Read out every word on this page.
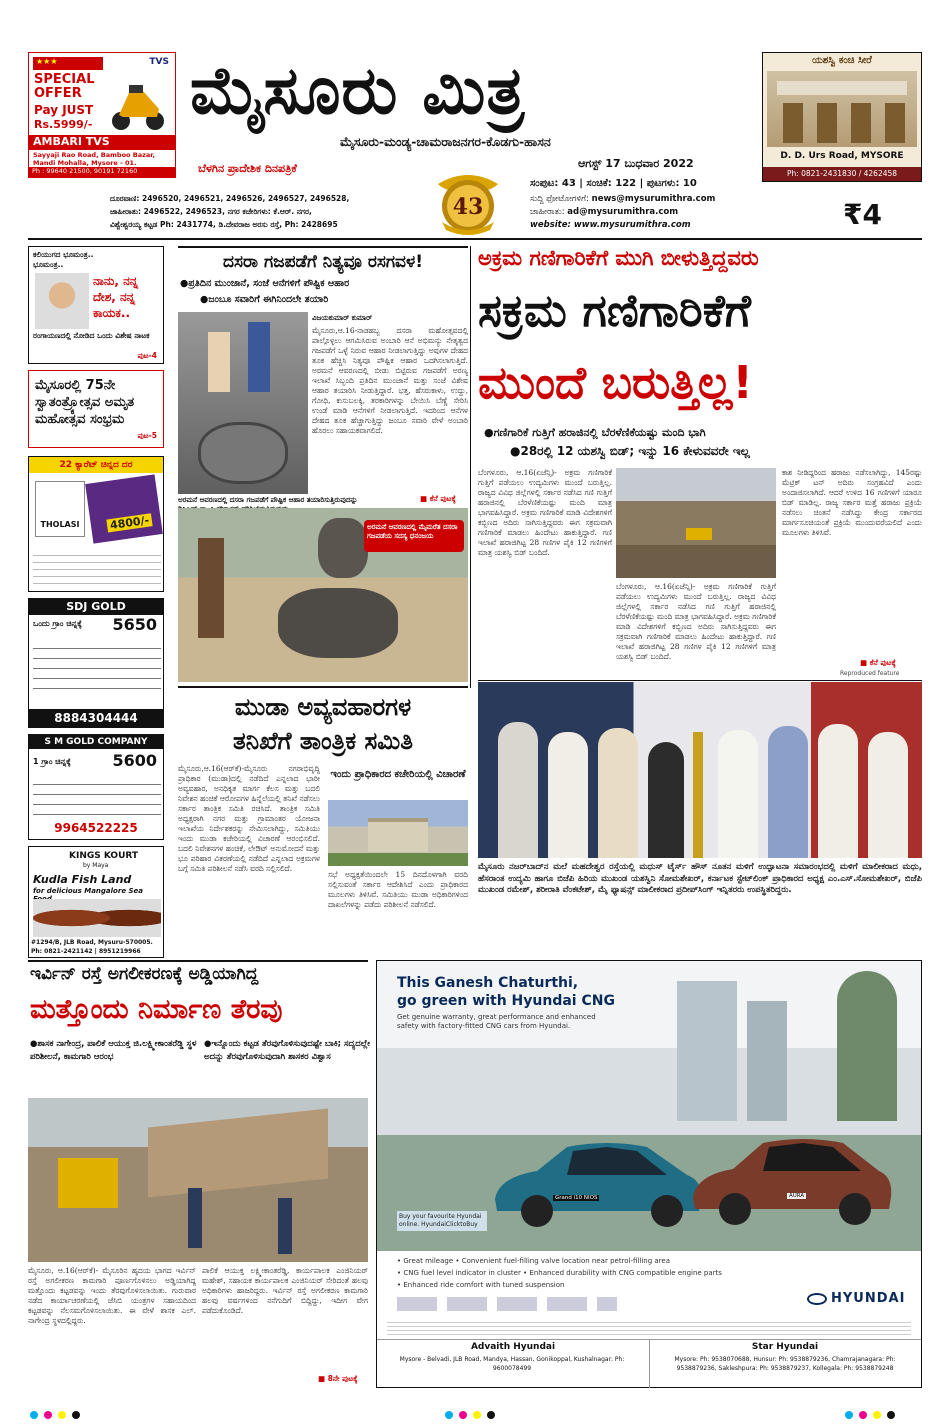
★★★	TVS
SPECIAL OFFER
Pay JUST
Rs.5999/-
AMBARI TVS
Sayyaji Rao Road, Bamboo Bazar, Mandi Mohalla, Mysore - 01.
Ph : 99640 21500, 90191 72160
ಮೈಸೂರು ಮಿತ್ರ
ಮೈಸೂರು-ಮಂಡ್ಯ-ಚಾಮರಾಜನಗರ-ಕೊಡಗು-ಹಾಸನ
ಬೆಳಗಿನ ಪ್ರಾದೇಶಿಕ ದಿನಪತ್ರಿಕೆ	ಆಗಸ್ಟ್ 17 ಬುಧವಾರ 2022
43
ಸಂಪುಟ: 43 | ಸಂಚಿಕೆ: 122 | ಪುಟಗಳು: 10
ಸುದ್ದಿ ಫೋಟೋಗಳಿಗೆ: news@mysurumithra.com
ಜಾಹೀರಾತು: ad@mysurumithra.com
website: www.mysurumithra.com	₹4
ದೂರವಾಣಿ: 2496520, 2496521, 2496526, 2496527, 2496528,
ಜಾಹೀರಾತು: 2496522, 2496523, ನಗರ ಕಚೇರಿಗಳು: ಕೆ.ಆರ್. ನಗರ,
ವಿಶ್ವೇಶ್ವರಯ್ಯ ಕಟ್ಟಡ Ph: 2431774, ಡಿ.ದೇವರಾಜ ಅರಸು ರಸ್ತೆ, Ph: 2428695
ಯಶಸ್ವಿ ಕಂಚಿ ಸೀರೆ
D. D. Urs Road, MYSORE
Ph: 0821-2431830 / 4262458
ಕಲಿಯುಗದ ಭೂಮಂತ್ರ.. ಭೂಮಂತ್ರ..
ನಾನು, ನನ್ನ ದೇಶ, ನನ್ನ ಕಾಯಕ..
ರಂಗಾಯಣದಲ್ಲಿ ನೋಡಿದ ಒಂದು ವಿಶೇಷ ನಾಟಕ
ಪುಟ-4
ಮೈಸೂರಲ್ಲಿ 75ನೇ ಸ್ವಾತಂತ್ರ್ಯೋತ್ಸವ ಅಮೃತ ಮಹೋತ್ಸವ ಸಂಭ್ರಮ
ಪುಟ-5
22 ಕ್ಯಾರೆಟ್ ಚಿನ್ನದ ದರ
THOLASI	4800/-
SDJ GOLD
ಒಂದು ಗ್ರಾಂ ಚಿನ್ನಕ್ಕೆ 5650
8884304444
S M GOLD COMPANY
1 ಗ್ರಾಂ ಚಿನ್ನಕ್ಕೆ	5600
9964522225
KINGS KOURT
by Maya
Kudla Fish Land
for delicious Mangalore Sea
#1294/B, JLB Road, Mysuru-570005.
Ph: 0821-2421142 | 8951219966
ದಸರಾ ಗಜಪಡೆಗೆ ನಿತ್ಯವೂ ರಸಗವಳ!
●ಪ್ರತಿದಿನ ಮುಂಜಾನೆ, ಸಂಜೆ ಆನೆಗಳಿಗೆ ಪೌಷ್ಟಿಕ ಆಹಾರ
●ಜಂಬೂ ಸವಾರಿಗೆ ಈಗಿನಿಂದಲೇ ತಯಾರಿ
ವಿಜಯಕುಮಾರ್ ಕುಮಾರ್
ಮೈಸೂರು,ಆ.16-ನಾಡಹಬ್ಬ ದಸರಾ ಮಹೋತ್ಸವದಲ್ಲಿ ಪಾಲ್ಗೊಳ್ಳಲು ಆಗಮಿಸಿರುವ ಅಂಬಾರಿ ಆನೆ ಅಭಿಮನ್ಯು ನೇತೃತ್ವದ ಗಜಪಡೆಗೆ ಒಳ್ಳೆ ನಿರುವ ಆಹಾರ ನೀಡಲಾಗುತ್ತಿದ್ದು ಅವುಗಳ ದೇಹದ ತೂಕ ಹೆಚ್ಚಿಸಿ ನಿತ್ಯವೂ ಪೌಷ್ಟಿಕ ಆಹಾರ ಒದಗಿಸಲಾಗುತ್ತಿದೆ. ಅರಮನೆ ಆವರಣದಲ್ಲಿ ಬೀಡು ಬಿಟ್ಟಿರುವ ಗಜಪಡೆಗೆ ಅರಣ್ಯ ಇಲಾಖೆ ಸಿಬ್ಬಂದಿ ಪ್ರತಿದಿನ ಮುಂಜಾನೆ ಮತ್ತು ಸಂಜೆ ವಿಶೇಷ ಆಹಾರ ತಯಾರಿಸಿ ನೀಡುತ್ತಿದ್ದಾರೆ. ಭತ್ತ, ಹೆಸರುಕಾಳು, ಉದ್ದು, ಗೋಧಿ, ಕುಸುಬಲಕ್ಕಿ, ತರಕಾರಿಗಳನ್ನು ಬೇಯಿಸಿ ಬೆಣ್ಣೆ ಸೇರಿಸಿ ಉಂಡೆ ಮಾಡಿ ಆನೆಗಳಿಗೆ ನೀಡಲಾಗುತ್ತಿದೆ. ಇದರಿಂದ ಆನೆಗಳ ದೇಹದ ತೂಕ ಹೆಚ್ಚಾಗುತ್ತಿದ್ದು ಜಂಬೂ ಸವಾರಿ ವೇಳೆ ಅಂಬಾರಿ ಹೊರಲು ಸಹಾಯಕವಾಗಲಿದೆ.
ಅರಮನೆ ಆವರಣದಲ್ಲಿ ದಸರಾ ಗಜಪಡೆಗೆ ಪೌಷ್ಟಿಕ ಆಹಾರ ತಯಾರಿಸುತ್ತಿರುವುದನ್ನು	■ ಕೆನೆ ಪುಟಕ್ಕೆ
ಅರಮನೆ ಆವರಣದಲ್ಲಿ ಮೈಮರೆತ ದಸರಾ ಗಜಪಡೆಯ ಸದಸ್ಯ ಧನಂಜಯ
ಅಕ್ರಮ ಗಣಿಗಾರಿಕೆಗೆ ಮುಗಿ ಬೀಳುತ್ತಿದ್ದವರು
ಸಕ್ರಮ ಗಣಿಗಾರಿಕೆಗೆ
ಮುಂದೆ ಬರುತ್ತಿಲ್ಲ!
●ಗಣಿಗಾರಿಕೆ ಗುತ್ತಿಗೆ ಹರಾಜಿನಲ್ಲಿ ಬೆರಳೆಣಿಕೆಯಷ್ಟು ಮಂದಿ ಭಾಗಿ
●28ರಲ್ಲಿ 12 ಯಶಸ್ವಿ ಬಿಡ್; ಇನ್ನು 16 ಕೇಳುವವರೇ ಇಲ್ಲ
ಬೆಂಗಳೂರು, ಆ.16(ಏಜೆನ್ಸಿ)- ಅಕ್ರಮ ಗಣಿಗಾರಿಕೆ ಗುತ್ತಿಗೆ ಪಡೆಯಲು ಉದ್ಯಮಿಗಳು ಮುಂದೆ ಬರುತ್ತಿಲ್ಲ. ರಾಜ್ಯದ ವಿವಿಧ ಜಿಲ್ಲೆಗಳಲ್ಲಿ ಸರ್ಕಾರ ನಡೆಸಿದ ಗಣಿ ಗುತ್ತಿಗೆ ಹರಾಜಿನಲ್ಲಿ ಬೆರಳೆಣಿಕೆಯಷ್ಟು ಮಂದಿ ಮಾತ್ರ ಭಾಗವಹಿಸಿದ್ದಾರೆ. ಅಕ್ರಮ ಗಣಿಗಾರಿಕೆ ಮಾಡಿ ವಿದೇಶಗಳಿಗೆ ಕಬ್ಬಿಣದ ಅದಿರು ಸಾಗಿಸುತ್ತಿದ್ದವರು ಈಗ ಸಕ್ರಮವಾಗಿ ಗಣಿಗಾರಿಕೆ ಮಾಡಲು ಹಿಂದೇಟು ಹಾಕುತ್ತಿದ್ದಾರೆ. ಗಣಿ ಇಲಾಖೆ ಹರಾಜಿಗಿಟ್ಟ 28 ಗಣಿಗಳ ಪೈಕಿ 12 ಗಣಿಗಳಿಗೆ ಮಾತ್ರ ಯಶಸ್ವಿ ಬಿಡ್ ಬಂದಿದೆ.
ಬೆಂಗಳೂರು, ಆ.16(ಏಜೆನ್ಸಿ)- ಅಕ್ರಮ ಗಣಿಗಾರಿಕೆ ಗುತ್ತಿಗೆ ಪಡೆಯಲು ಉದ್ಯಮಿಗಳು ಮುಂದೆ ಬರುತ್ತಿಲ್ಲ. ರಾಜ್ಯದ ವಿವಿಧ ಜಿಲ್ಲೆಗಳಲ್ಲಿ ಸರ್ಕಾರ ನಡೆಸಿದ ಗಣಿ ಗುತ್ತಿಗೆ ಹರಾಜಿನಲ್ಲಿ ಬೆರಳೆಣಿಕೆಯಷ್ಟು ಮಂದಿ ಮಾತ್ರ ಭಾಗವಹಿಸಿದ್ದಾರೆ. ಅಕ್ರಮ ಗಣಿಗಾರಿಕೆ ಮಾಡಿ ವಿದೇಶಗಳಿಗೆ ಕಬ್ಬಿಣದ ಅದಿರು ಸಾಗಿಸುತ್ತಿದ್ದವರು ಈಗ ಸಕ್ರಮವಾಗಿ ಗಣಿಗಾರಿಕೆ ಮಾಡಲು ಹಿಂದೇಟು ಹಾಕುತ್ತಿದ್ದಾರೆ. ಗಣಿ ಇಲಾಖೆ ಹರಾಜಿಗಿಟ್ಟ 28 ಗಣಿಗಳ ಪೈಕಿ 12 ಗಣಿಗಳಿಗೆ ಮಾತ್ರ ಯಶಸ್ವಿ ಬಿಡ್ ಬಂದಿದೆ.
ಕಾಶ ನೀಡಿದ್ದರಿಂದ ಹರಾಜು ನಡೆಸಲಾಗಿದ್ದು, 145ರಷ್ಟು ಮೆಟ್ರಿಕ್ ಟನ್ ಅದಿರು ಸಂಗ್ರಹವಿದೆ ಎಂದು ಅಂದಾಜಿಸಲಾಗಿದೆ. ಆದರೆ ಉಳಿದ 16 ಗಣಿಗಳಿಗೆ ಯಾರೂ ಬಿಡ್ ಮಾಡಿಲ್ಲ. ರಾಜ್ಯ ಸರ್ಕಾರ ಮತ್ತೆ ಹರಾಜು ಪ್ರಕ್ರಿಯೆ ನಡೆಸಲು ಚಿಂತನೆ ನಡೆಸಿದ್ದು ಕೇಂದ್ರ ಸರ್ಕಾರದ ಮಾರ್ಗಸೂಚಿಯಂತೆ ಪ್ರಕ್ರಿಯೆ ಮುಂದುವರೆಯಲಿದೆ ಎಂದು ಮೂಲಗಳು ತಿಳಿಸಿವೆ.
■ ಕೆನೆ ಪುಟಕ್ಕೆ
Reproduced feature
ಮೈಸೂರು ನಜರ್‌ಬಾದ್‌ನ ಮಲೆ ಮಹದೇಶ್ವರ ರಸ್ತೆಯಲ್ಲಿ ಮಧುಸ್ ಟೈರ್ಸ್ ಹೌಸ್ ನೂತನ ಮಳಿಗೆ ಉದ್ಘಾಟನಾ ಸಮಾರಂಭದಲ್ಲಿ ಮಳಿಗೆ ಮಾಲೀಕರಾದ ಮಧು, ಹೆಸರಾಂತ ಉದ್ಯಮಿ ಹಾಗೂ ಬಿಜೆಪಿ ಹಿರಿಯ ಮುಖಂಡ ಯಶಸ್ವಿನಿ ಸೋಮಶೇಖರ್, ಕರ್ನಾಟಕ ಸ್ಟೇಟ್‌ಲಿಂಕ್ ಪ್ರಾಧಿಕಾರದ ಅಧ್ಯಕ್ಷ ಎಂ.ಎಸ್.ಸೋಮಶೇಖರ್, ಬಿಜೆಪಿ ಮುಖಂಡ ರಮೇಶ್, ಶರೀರಾತಿ ವೆಂಕಟೇಶ್, ಮೈ ಫ್ಯಾಷನ್ಸ್ ಮಾಲೀಕರಾದ ಪ್ರದೀಪ್‌ಸಿಂಗ್ ಇನ್ನಿತರರು ಉಪಸ್ಥಿತರಿದ್ದರು.
ಮುಡಾ ಅವ್ಯವಹಾರಗಳ
ತನಿಖೆಗೆ ತಾಂತ್ರಿಕ ಸಮಿತಿ
ಮೈಸೂರು,ಆ.16(ಆರ್‌ಕೆ)-ಮೈಸೂರು ನಗರಾಭಿವೃದ್ಧಿ ಪ್ರಾಧಿಕಾರ (ಮುಡಾ)ದಲ್ಲಿ ನಡೆದಿದೆ ಎನ್ನಲಾದ ಭಾರೀ ಅವ್ಯವಹಾರ, ಅನಧಿಕೃತ ಮಾರ್ಗ ಕೆಲಸ ಮತ್ತು ಬದಲಿ ನಿವೇಶನ ಹಂಚಿಕೆ ಆರೋಪಗಳ ಹಿನ್ನೆಲೆಯಲ್ಲಿ ತನಿಖೆ ನಡೆಸಲು ಸರ್ಕಾರ ತಾಂತ್ರಿಕ ಸಮಿತಿ ರಚಿಸಿದೆ. ತಾಂತ್ರಿಕ ಸಮಿತಿ ಅಧ್ಯಕ್ಷರಾಗಿ ನಗರ ಮತ್ತು ಗ್ರಾಮಾಂತರ ಯೋಜನಾ ಇಲಾಖೆಯ ನಿರ್ದೇಶಕರನ್ನು ನೇಮಿಸಲಾಗಿದ್ದು, ಸಮಿತಿಯು ಇಂದು ಮುಡಾ ಕಚೇರಿಯಲ್ಲಿ ವಿಚಾರಣೆ ಆರಂಭಿಸಲಿದೆ. ಬದಲಿ ನಿವೇಶನಗಳ ಹಂಚಿಕೆ, ಲೇಔಟ್ ಅನುಮೋದನೆ ಮತ್ತು ಭೂ ಪರಿಹಾರ ವಿತರಣೆಯಲ್ಲಿ ನಡೆದಿದೆ ಎನ್ನಲಾದ ಅಕ್ರಮಗಳ ಬಗ್ಗೆ ಸಮಿತಿ ಪರಿಶೀಲನೆ ನಡೆಸಿ ವರದಿ ಸಲ್ಲಿಸಲಿದೆ.
ಇಂದು ಪ್ರಾಧಿಕಾರದ ಕಚೇರಿಯಲ್ಲಿ ವಿಚಾರಣೆ
ಸಭೆ ಅಧ್ಯಕ್ಷತೆಯಿಂದಲೇ 15 ದಿನದೊಳಗಾಗಿ ವರದಿ ಸಲ್ಲಿಸುವಂತೆ ಸರ್ಕಾರ ಆದೇಶಿಸಿದೆ ಎಂದು ಪ್ರಾಧಿಕಾರದ ಮೂಲಗಳು ತಿಳಿಸಿವೆ. ಸಮಿತಿಯು ಮುಡಾ ಅಧಿಕಾರಿಗಳಿಂದ ದಾಖಲೆಗಳನ್ನು ಪಡೆದು ಪರಿಶೀಲನೆ ನಡೆಸಲಿದೆ.
ಇರ್ವಿನ್ ರಸ್ತೆ ಅಗಲೀಕರಣಕ್ಕೆ ಅಡ್ಡಿಯಾಗಿದ್ದ
ಮತ್ತೊಂದು ನಿರ್ಮಾಣ ತೆರವು
●ಶಾಸಕ ನಾಗೇಂದ್ರ, ಪಾಲಿಕೆ ಆಯುಕ್ತ ಜಿ.ಲಕ್ಷ್ಮೀಕಾಂತರೆಡ್ಡಿ ಸ್ಥಳ ಪರಿಶೀಲನೆ, ಕಾಮಗಾರಿ ಆರಂಭ
●ಇನ್ನೊಂದು ಕಟ್ಟಡ ತೆರವುಗೊಳಿಸುವುದಷ್ಟೇ ಬಾಕಿ; ಸದ್ಯದಲ್ಲೇ ಅದನ್ನು ತೆರವುಗೊಳಿಸುವುದಾಗಿ ಶಾಸಕರ ವಿಶ್ವಾಸ
ಮೈಸೂರು, ಆ.16(ಆರ್‌ಕೆ)- ಮೈಸೂರಿನ ಹೃದಯ ಭಾಗದ ಇರ್ವಿನ್ ರಸ್ತೆ ಅಗಲೀಕರಣ ಕಾಮಗಾರಿ ಪೂರ್ಣಗೊಳಿಸಲು ಅಡ್ಡಿಯಾಗಿದ್ದ ಮತ್ತೊಂದು ಕಟ್ಟಡವನ್ನು ಇಂದು ತೆರವುಗೊಳಿಸಲಾಯಿತು. ಗುರುವಾರ ನಡೆದ ಕಾರ್ಯಾಚರಣೆಯಲ್ಲಿ ಜೆಸಿಬಿ ಯಂತ್ರಗಳ ಸಹಾಯದಿಂದ ಕಟ್ಟಡವನ್ನು ನೆಲಸಮಗೊಳಿಸಲಾಯಿತು. ಈ ವೇಳೆ ಶಾಸಕ ಎಲ್. ನಾಗೇಂದ್ರ ಸ್ಥಳದಲ್ಲಿದ್ದರು.
ಪಾಲಿಕೆ ಆಯುಕ್ತ ಲಕ್ಷ್ಮೀಕಾಂತರೆಡ್ಡಿ, ಕಾರ್ಯಪಾಲಕ ಎಂಜಿನಿಯರ್ ಮಹೇಶ್, ಸಹಾಯಕ ಕಾರ್ಯಪಾಲಕ ಎಂಜಿನಿಯರ್ ಸೇರಿದಂತೆ ಹಲವು ಅಧಿಕಾರಿಗಳು ಹಾಜರಿದ್ದರು. ಇರ್ವಿನ್ ರಸ್ತೆ ಅಗಲೀಕರಣ ಕಾಮಗಾರಿ ಹಲವು ವರ್ಷಗಳಿಂದ ನನೆಗುದಿಗೆ ಬಿದ್ದಿದ್ದು, ಇದೀಗ ವೇಗ ಪಡೆದುಕೊಂಡಿದೆ.
■ 8ನೇ ಪುಟಕ್ಕೆ
This Ganesh Chaturthi,
go green with Hyundai CNG
Get genuine warranty, great performance and enhanced safety with factory-fitted CNG cars from Hyundai.
Grand i10 NIOS	AURA
Buy your favourite Hyundai online. HyundaiClicktoBuy
• Great mileage • Convenient fuel-filling valve location near petrol-filling area
• CNG fuel level indicator in cluster • Enhanced durability with CNG compatible engine parts
• Enhanced ride comfort with tuned suspension
HYUNDAI
Advaith Hyundai
Mysore - Belvadi, JLB Road, Mandya, Hassan, Gonikoppal, Kushalnagar: Ph: 9600078499
Star Hyundai
Mysore: Ph: 9538070688, Hunsur: Ph: 9538879236, Chamrajanagara: Ph: 9538879236, Sakleshpura: Ph: 9538879237, Kollegala: Ph: 9538879248
